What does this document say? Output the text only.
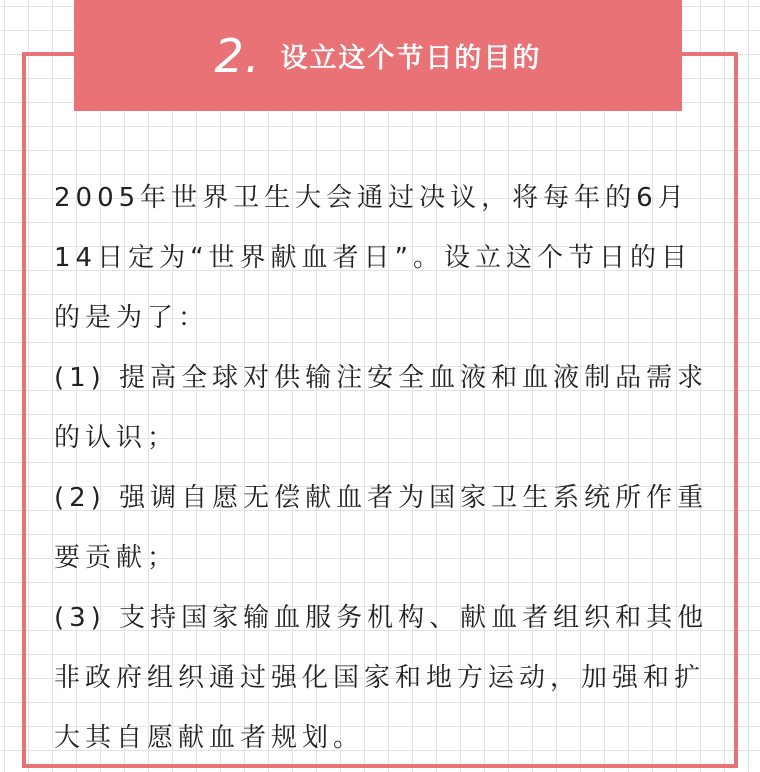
2. 设立这个节日的目的

2005年世界卫生大会通过决议，将每年的6月14日定为“世界献血者日”。设立这个节日的目的是为了：

(1) 提高全球对供输注安全血液和血液制品需求的认识；

(2) 强调自愿无偿献血者为国家卫生系统所作重要贡献；

(3) 支持国家输血服务机构、献血者组织和其他非政府组织通过强化国家和地方运动，加强和扩大其自愿献血者规划。
